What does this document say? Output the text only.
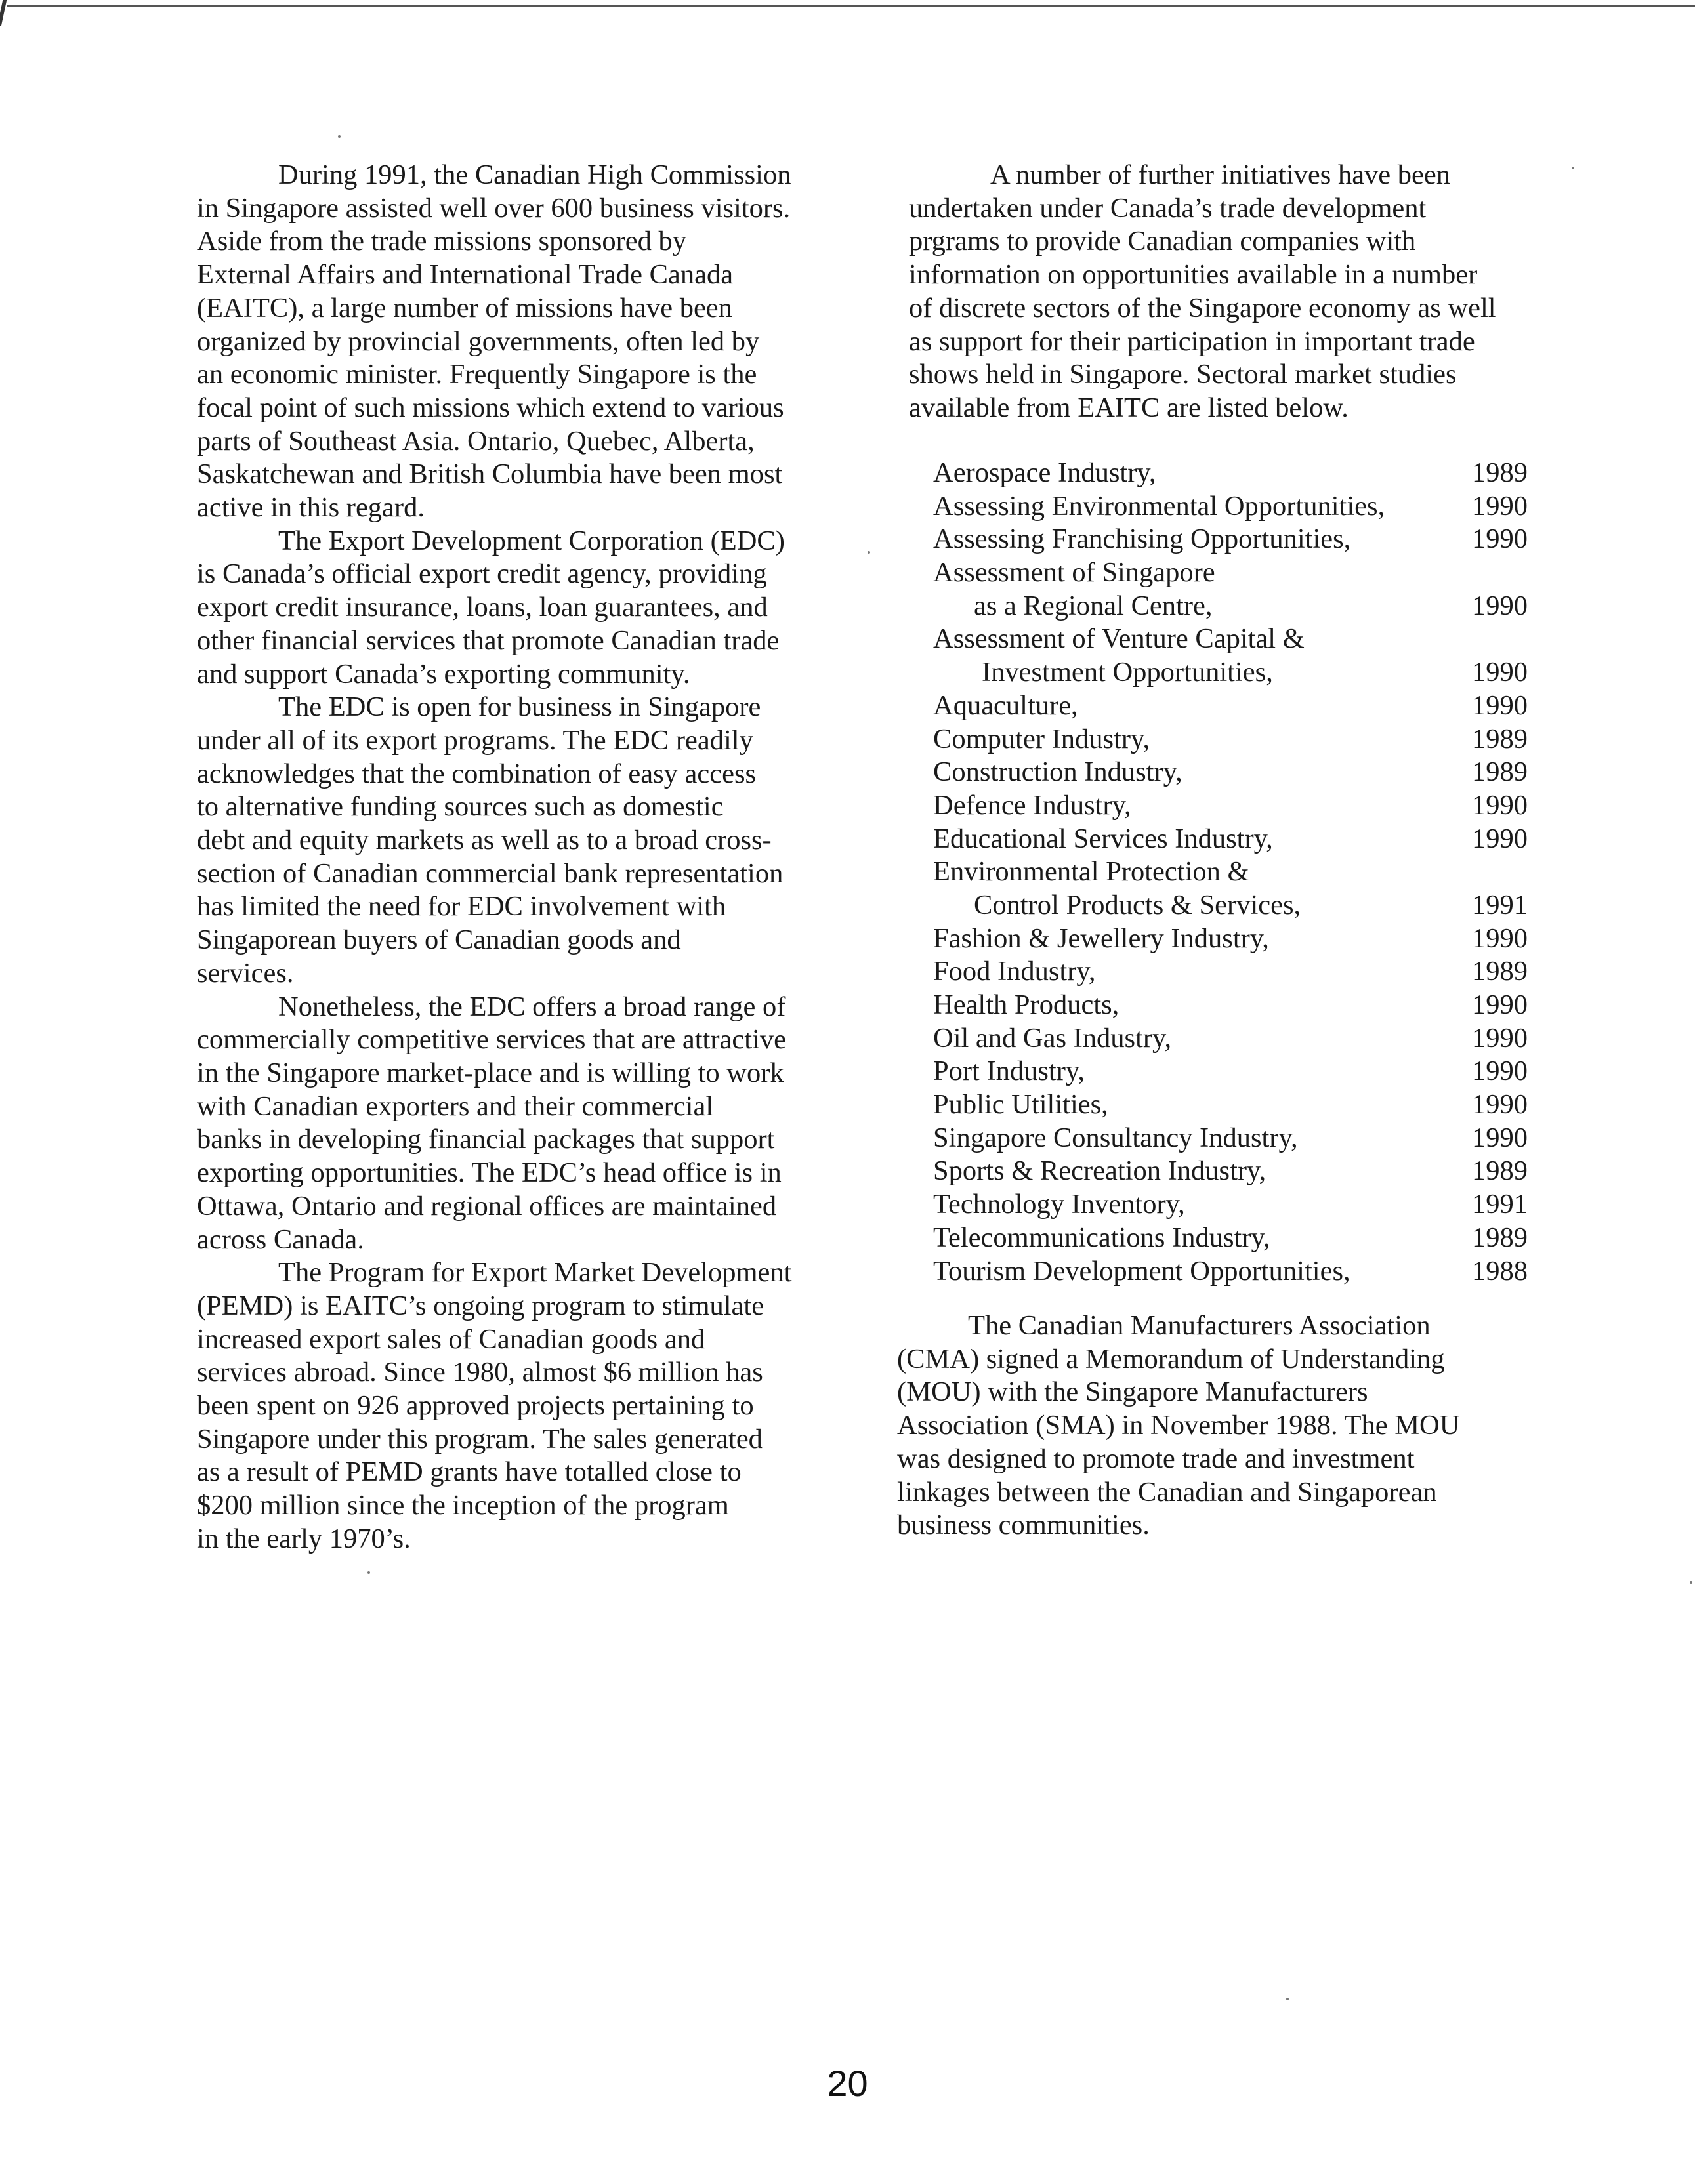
During 1991, the Canadian High Commission
in Singapore assisted well over 600 business visitors.
Aside from the trade missions sponsored by
External Affairs and International Trade Canada
(EAITC), a large number of missions have been
organized by provincial governments, often led by
an economic minister. Frequently Singapore is the
focal point of such missions which extend to various
parts of Southeast Asia. Ontario, Quebec, Alberta,
Saskatchewan and British Columbia have been most
active in this regard.
The Export Development Corporation (EDC)
is Canada’s official export credit agency, providing
export credit insurance, loans, loan guarantees, and
other financial services that promote Canadian trade
and support Canada’s exporting community.
The EDC is open for business in Singapore
under all of its export programs. The EDC readily
acknowledges that the combination of easy access
to alternative funding sources such as domestic
debt and equity markets as well as to a broad cross-
section of Canadian commercial bank representation
has limited the need for EDC involvement with
Singaporean buyers of Canadian goods and
services.
Nonetheless, the EDC offers a broad range of
commercially competitive services that are attractive
in the Singapore market-place and is willing to work
with Canadian exporters and their commercial
banks in developing financial packages that support
exporting opportunities. The EDC’s head office is in
Ottawa, Ontario and regional offices are maintained
across Canada.
The Program for Export Market Development
(PEMD) is EAITC’s ongoing program to stimulate
increased export sales of Canadian goods and
services abroad. Since 1980, almost $6 million has
been spent on 926 approved projects pertaining to
Singapore under this program. The sales generated
as a result of PEMD grants have totalled close to
$200 million since the inception of the program
in the early 1970’s.
A number of further initiatives have been
undertaken under Canada’s trade development
prgrams to provide Canadian companies with
information on opportunities available in a number
of discrete sectors of the Singapore economy as well
as support for their participation in important trade
shows held in Singapore. Sectoral market studies
available from EAITC are listed below.
Aerospace Industry,	1989
Assessing Environmental Opportunities,	1990
Assessing Franchising Opportunities,	1990
Assessment of Singapore
as a Regional Centre,	1990
Assessment of Venture Capital &
Investment Opportunities,	1990
Aquaculture,	1990
Computer Industry,	1989
Construction Industry,	1989
Defence Industry,	1990
Educational Services Industry,	1990
Environmental Protection &
Control Products & Services,	1991
Fashion & Jewellery Industry,	1990
Food Industry,	1989
Health Products,	1990
Oil and Gas Industry,	1990
Port Industry,	1990
Public Utilities,	1990
Singapore Consultancy Industry,	1990
Sports & Recreation Industry,	1989
Technology Inventory,	1991
Telecommunications Industry,	1989
Tourism Development Opportunities,	1988
The Canadian Manufacturers Association
(CMA) signed a Memorandum of Understanding
(MOU) with the Singapore Manufacturers
Association (SMA) in November 1988. The MOU
was designed to promote trade and investment
linkages between the Canadian and Singaporean
business communities.
20
